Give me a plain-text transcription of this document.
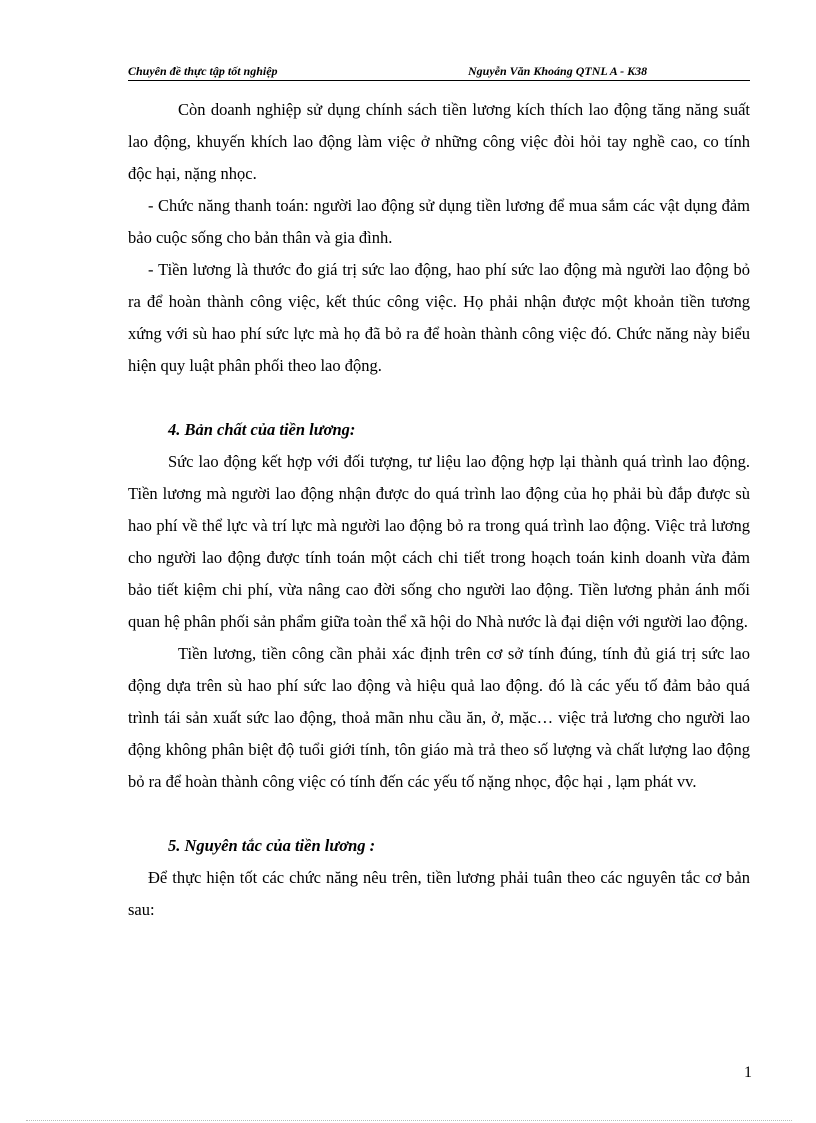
Chuyên đề thực tập tốt nghiệp	Nguyễn Văn Khoáng QTNL A - K38

Còn doanh nghiệp sử dụng chính sách tiền lương kích thích lao động tăng năng suất lao động, khuyến khích lao động làm việc ở những công việc đòi hỏi tay nghề cao, co tính độc hại, nặng nhọc.

- Chức năng thanh toán: người lao động sử dụng tiền lương để mua sắm các vật dụng đảm bảo cuộc sống cho bản thân và gia đình.

- Tiền lương là thước đo giá trị sức lao động, hao phí sức lao động mà người lao động bỏ ra để hoàn thành công việc, kết thúc công việc. Họ phải nhận được một khoản tiền tương xứng với sù hao phí sức lực mà họ đã bỏ ra để hoàn thành công việc đó. Chức năng này biểu hiện quy luật phân phối theo lao động.

4. Bản chất của tiền lương:

Sức lao động kết hợp với đối tượng, tư liệu lao động hợp lại thành quá trình lao động. Tiền lương mà người lao động nhận được do quá trình lao động của họ phải bù đắp được sù hao phí về thể lực và trí lực mà người lao động bỏ ra trong quá trình lao động. Việc trả lương cho người lao động được tính toán một cách chi tiết trong hoạch toán kinh doanh vừa đảm bảo tiết kiệm chi phí, vừa nâng cao đời sống cho người lao động. Tiền lương phản ánh mối quan hệ phân phối sản phẩm giữa toàn thể xã hội do Nhà nước là đại diện với người lao động.

Tiền lương, tiền công cần phải xác định trên cơ sở tính đúng, tính đủ giá trị sức lao động dựa trên sù hao phí sức lao động và hiệu quả lao động. đó là các yếu tố đảm bảo quá trình tái sản xuất sức lao động, thoả mãn nhu cầu ăn, ở, mặc… việc trả lương cho người lao động không phân biệt độ tuổi giới tính, tôn giáo mà trả theo số lượng và chất lượng lao động bỏ ra để hoàn thành công việc có tính đến các yếu tố nặng nhọc, độc hại , lạm phát vv.

5. Nguyên tắc của tiền lương :

Để thực hiện tốt các chức năng nêu trên, tiền lương phải tuân theo các nguyên tắc cơ bản sau:

1
